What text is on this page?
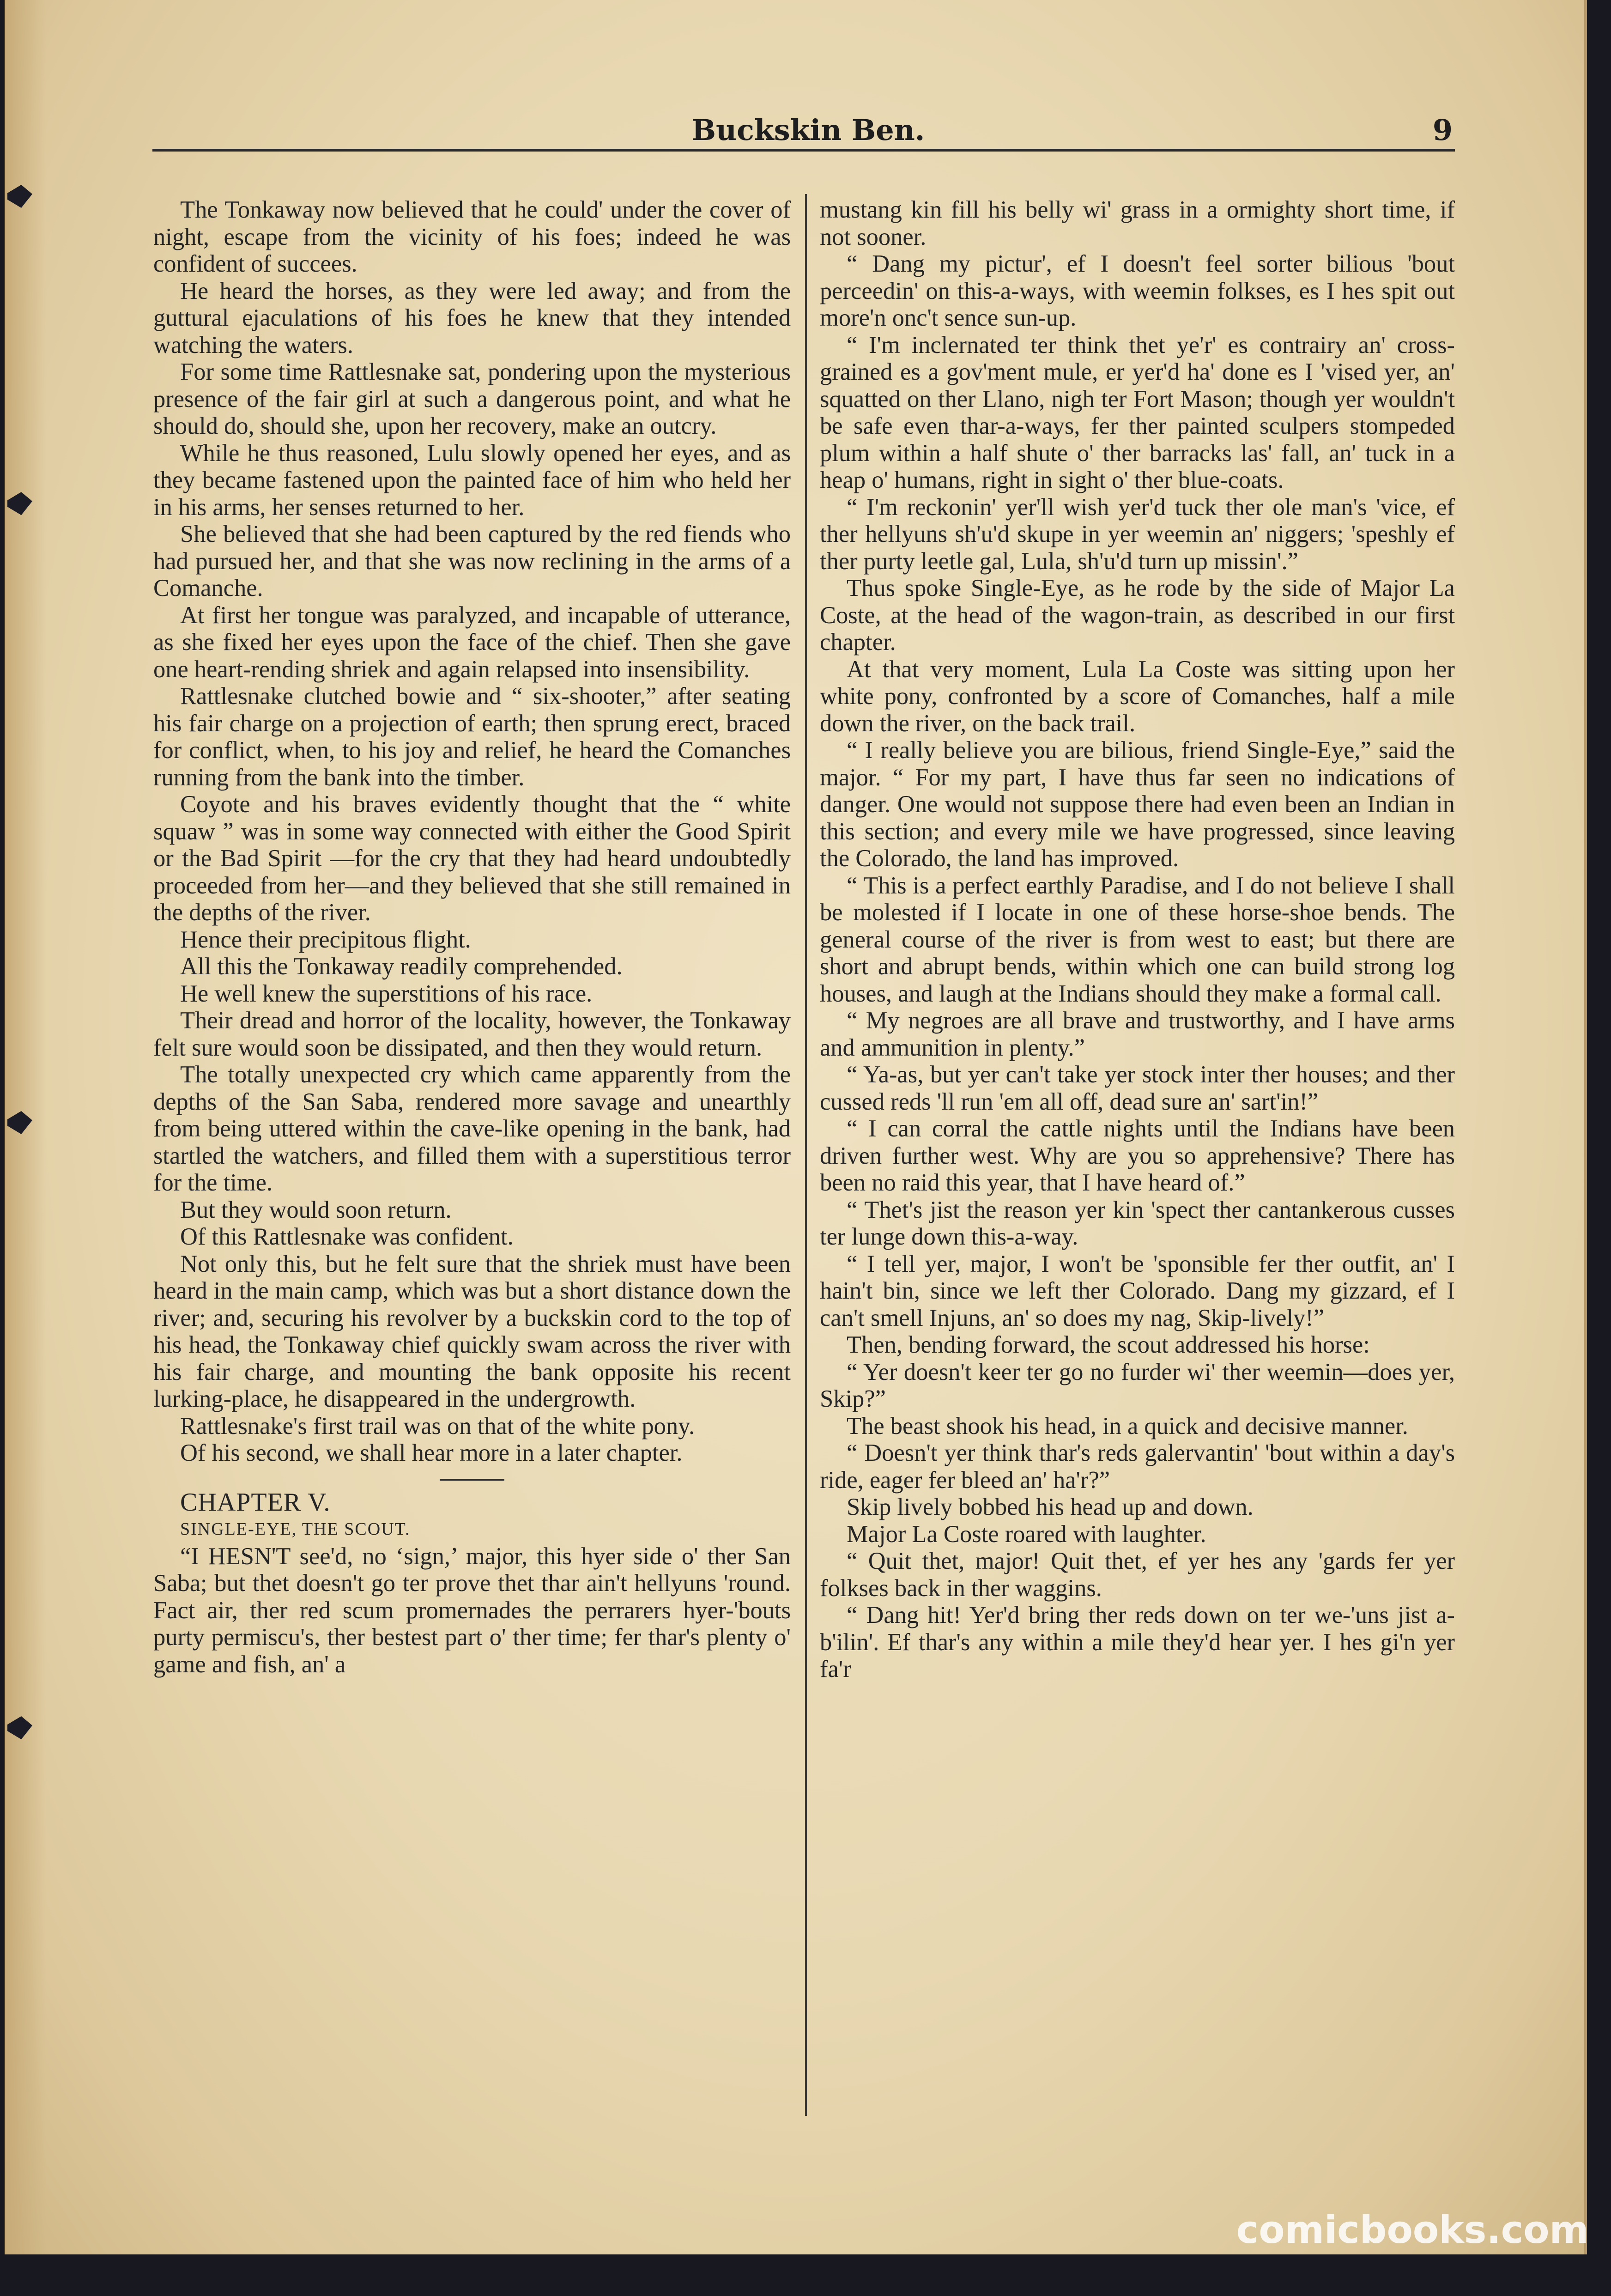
Buckskin Ben.	9

The Tonkaway now believed that he could' under the cover of night, escape from the vicinity of his foes; indeed he was confident of succees.

He heard the horses, as they were led away; and from the guttural ejaculations of his foes he knew that they intended watching the waters.

For some time Rattlesnake sat, pondering upon the mysterious presence of the fair girl at such a dangerous point, and what he should do, should she, upon her recovery, make an outcry.

While he thus reasoned, Lulu slowly opened her eyes, and as they became fastened upon the painted face of him who held her in his arms, her senses returned to her.

She believed that she had been captured by the red fiends who had pursued her, and that she was now reclining in the arms of a Comanche.

At first her tongue was paralyzed, and incapable of utterance, as she fixed her eyes upon the face of the chief. Then she gave one heart-rending shriek and again relapsed into insensibility.

Rattlesnake clutched bowie and “ six-shooter,” after seating his fair charge on a projection of earth; then sprung erect, braced for conflict, when, to his joy and relief, he heard the Comanches running from the bank into the timber.

Coyote and his braves evidently thought that the “ white squaw ” was in some way connected with either the Good Spirit or the Bad Spirit —for the cry that they had heard undoubtedly proceeded from her—and they believed that she still remained in the depths of the river.

Hence their precipitous flight.

All this the Tonkaway readily comprehended.

He well knew the superstitions of his race.

Their dread and horror of the locality, however, the Tonkaway felt sure would soon be dissipated, and then they would return.

The totally unexpected cry which came apparently from the depths of the San Saba, rendered more savage and unearthly from being uttered within the cave-like opening in the bank, had startled the watchers, and filled them with a superstitious terror for the time.

But they would soon return.

Of this Rattlesnake was confident.

Not only this, but he felt sure that the shriek must have been heard in the main camp, which was but a short distance down the river; and, securing his revolver by a buckskin cord to the top of his head, the Tonkaway chief quickly swam across the river with his fair charge, and mounting the bank opposite his recent lurking-place, he disappeared in the undergrowth.

Rattlesnake's first trail was on that of the white pony.

Of his second, we shall hear more in a later chapter.

CHAPTER V.

SINGLE-EYE, THE SCOUT.

“I HESN'T see'd, no ‘sign,’ major, this hyer side o' ther San Saba; but thet doesn't go ter prove thet thar ain't hellyuns 'round. Fact air, ther red scum promernades the perrarers hyer-'bouts purty permiscu's, ther bestest part o' ther time; fer thar's plenty o' game and fish, an' a

mustang kin fill his belly wi' grass in a ormighty short time, if not sooner.

“ Dang my pictur', ef I doesn't feel sorter bilious 'bout perceedin' on this-a-ways, with weemin folkses, es I hes spit out more'n onc't sence sun-up.

“ I'm inclernated ter think thet ye'r' es contrairy an' cross-grained es a gov'ment mule, er yer'd ha' done es I 'vised yer, an' squatted on ther Llano, nigh ter Fort Mason; though yer wouldn't be safe even thar-a-ways, fer ther painted sculpers stompeded plum within a half shute o' ther barracks las' fall, an' tuck in a heap o' humans, right in sight o' ther blue-coats.

“ I'm reckonin' yer'll wish yer'd tuck ther ole man's 'vice, ef ther hellyuns sh'u'd skupe in yer weemin an' niggers; 'speshly ef ther purty leetle gal, Lula, sh'u'd turn up missin'.”

Thus spoke Single-Eye, as he rode by the side of Major La Coste, at the head of the wagon-train, as described in our first chapter.

At that very moment, Lula La Coste was sitting upon her white pony, confronted by a score of Comanches, half a mile down the river, on the back trail.

“ I really believe you are bilious, friend Single-Eye,” said the major. “ For my part, I have thus far seen no indications of danger. One would not suppose there had even been an Indian in this section; and every mile we have progressed, since leaving the Colorado, the land has improved.

“ This is a perfect earthly Paradise, and I do not believe I shall be molested if I locate in one of these horse-shoe bends. The general course of the river is from west to east; but there are short and abrupt bends, within which one can build strong log houses, and laugh at the Indians should they make a formal call.

“ My negroes are all brave and trustworthy, and I have arms and ammunition in plenty.”

“ Ya-as, but yer can't take yer stock inter ther houses; and ther cussed reds 'll run 'em all off, dead sure an' sart'in!”

“ I can corral the cattle nights until the Indians have been driven further west. Why are you so apprehensive? There has been no raid this year, that I have heard of.”

“ Thet's jist the reason yer kin 'spect ther cantankerous cusses ter lunge down this-a-way.

“ I tell yer, major, I won't be 'sponsible fer ther outfit, an' I hain't bin, since we left ther Colorado. Dang my gizzard, ef I can't smell Injuns, an' so does my nag, Skip-lively!”

Then, bending forward, the scout addressed his horse:

“ Yer doesn't keer ter go no furder wi' ther weemin—does yer, Skip?”

The beast shook his head, in a quick and decisive manner.

“ Doesn't yer think thar's reds galervantin' 'bout within a day's ride, eager fer bleed an' ha'r?”

Skip lively bobbed his head up and down.

Major La Coste roared with laughter.

“ Quit thet, major! Quit thet, ef yer hes any 'gards fer yer folkses back in ther waggins.

“ Dang hit! Yer'd bring ther reds down on ter we-'uns jist a-b'ilin'. Ef thar's any within a mile they'd hear yer. I hes gi'n yer fa'r

comicbooks.com
